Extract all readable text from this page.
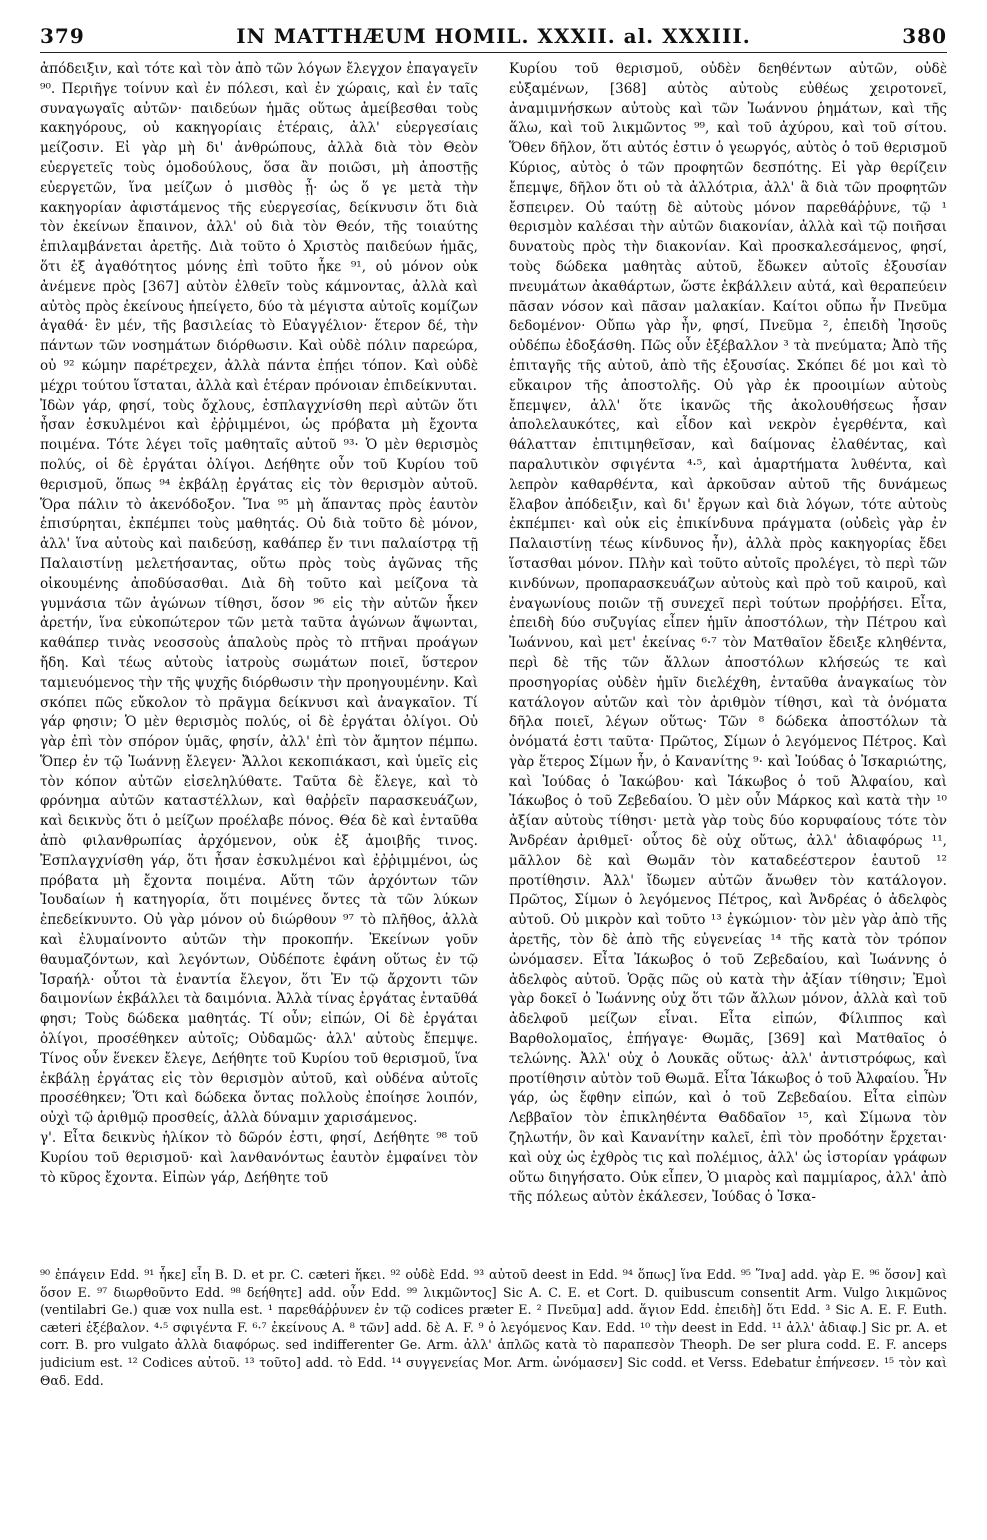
379	IN MATTHÆUM HOMIL. XXXII. al. XXXIII.	380

ἀπόδειξιν, καὶ τότε καὶ τὸν ἀπὸ τῶν λόγων ἔλεγχον ἐπαγαγεῖν ⁹⁰. Περιῆγε τοίνυν καὶ ἐν πόλεσι, καὶ ἐν χώραις, καὶ ἐν ταῖς συναγωγαῖς αὐτῶν· παιδεύων ἡμᾶς οὕτως ἀμείβεσθαι τοὺς κακηγόρους, οὐ κακηγορίαις ἑτέραις, ἀλλ' εὐεργεσίαις μείζοσιν. Εἰ γὰρ μὴ δι' ἀνθρώπους, ἀλλὰ διὰ τὸν Θεὸν εὐεργετεῖς τοὺς ὁμοδούλους, ὅσα ἂν ποιῶσι, μὴ ἀποστῇς εὐεργετῶν, ἵνα μείζων ὁ μισθὸς ᾖ· ὡς ὅ γε μετὰ τὴν κακηγορίαν ἀφιστάμενος τῆς εὐεργεσίας, δείκνυσιν ὅτι διὰ τὸν ἐκείνων ἔπαινον, ἀλλ' οὐ διὰ τὸν Θεόν, τῆς τοιαύτης ἐπιλαμβάνεται ἀρετῆς. Διὰ τοῦτο ὁ Χριστὸς παιδεύων ἡμᾶς, ὅτι ἐξ ἀγαθότητος μόνης ἐπὶ τοῦτο ἧκε ⁹¹, οὐ μόνον οὐκ ἀνέμενε πρὸς [367] αὐτὸν ἐλθεῖν τοὺς κάμνοντας, ἀλλὰ καὶ αὐτὸς πρὸς ἐκείνους ἠπείγετο, δύο τὰ μέγιστα αὐτοῖς κομίζων ἀγαθά· ἓν μέν, τῆς βασιλείας τὸ Εὐαγγέλιον· ἕτερον δέ, τὴν πάντων τῶν νοσημάτων διόρθωσιν. Καὶ οὐδὲ πόλιν παρεώρα, οὐ ⁹² κώμην παρέτρεχεν, ἀλλὰ πάντα ἐπῄει τόπον. Καὶ οὐδὲ μέχρι τούτου ἵσταται, ἀλλὰ καὶ ἑτέραν πρόνοιαν ἐπιδείκνυται.

Ἰδὼν γάρ, φησί, τοὺς ὄχλους, ἐσπλαγχνίσθη περὶ αὐτῶν ὅτι ἦσαν ἐσκυλμένοι καὶ ἐῤῥιμμένοι, ὡς πρόβατα μὴ ἔχοντα ποιμένα. Τότε λέγει τοῖς μαθηταῖς αὐτοῦ ⁹³· Ὁ μὲν θερισμὸς πολύς, οἱ δὲ ἐργάται ὀλίγοι. Δεήθητε οὖν τοῦ Κυρίου τοῦ θερισμοῦ, ὅπως ⁹⁴ ἐκβάλῃ ἐργάτας εἰς τὸν θερισμὸν αὐτοῦ. Ὅρα πάλιν τὸ ἀκενόδοξον. Ἵνα ⁹⁵ μὴ ἅπαντας πρὸς ἑαυτὸν ἐπισύρηται, ἐκπέμπει τοὺς μαθητάς. Οὐ διὰ τοῦτο δὲ μόνον, ἀλλ' ἵνα αὐτοὺς καὶ παιδεύσῃ, καθάπερ ἔν τινι παλαίστρᾳ τῇ Παλαιστίνῃ μελετήσαντας, οὕτω πρὸς τοὺς ἀγῶνας τῆς οἰκουμένης ἀποδύσασθαι. Διὰ δὴ τοῦτο καὶ μείζονα τὰ γυμνάσια τῶν ἀγώνων τίθησι, ὅσον ⁹⁶ εἰς τὴν αὐτῶν ἧκεν ἀρετήν, ἵνα εὐκοπώτερον τῶν μετὰ ταῦτα ἀγώνων ἅψωνται, καθάπερ τινὰς νεοσσοὺς ἁπαλοὺς πρὸς τὸ πτῆναι προάγων ἤδη. Καὶ τέως αὐτοὺς ἰατροὺς σωμάτων ποιεῖ, ὕστερον ταμιευόμενος τὴν τῆς ψυχῆς διόρθωσιν τὴν προηγουμένην. Καὶ σκόπει πῶς εὔκολον τὸ πρᾶγμα δείκνυσι καὶ ἀναγκαῖον. Τί γάρ φησιν; Ὁ μὲν θερισμὸς πολύς, οἱ δὲ ἐργάται ὀλίγοι. Οὐ γὰρ ἐπὶ τὸν σπόρον ὑμᾶς, φησίν, ἀλλ' ἐπὶ τὸν ἄμητον πέμπω. Ὅπερ ἐν τῷ Ἰωάννῃ ἔλεγεν· Ἄλλοι κεκοπιάκασι, καὶ ὑμεῖς εἰς τὸν κόπον αὐτῶν εἰσεληλύθατε. Ταῦτα δὲ ἔλεγε, καὶ τὸ φρόνημα αὐτῶν καταστέλλων, καὶ θαῤῥεῖν παρασκευάζων, καὶ δεικνὺς ὅτι ὁ μείζων προέλαβε πόνος. Θέα δὲ καὶ ἐνταῦθα ἀπὸ φιλανθρωπίας ἀρχόμενον, οὐκ ἐξ ἀμοιβῆς τινος. Ἐσπλαγχνίσθη γάρ, ὅτι ἦσαν ἐσκυλμένοι καὶ ἐῤῥιμμένοι, ὡς πρόβατα μὴ ἔχοντα ποιμένα. Αὕτη τῶν ἀρχόντων τῶν Ἰουδαίων ἡ κατηγορία, ὅτι ποιμένες ὄντες τὰ τῶν λύκων ἐπεδείκνυντο. Οὐ γὰρ μόνον οὐ διώρθουν ⁹⁷ τὸ πλῆθος, ἀλλὰ καὶ ἐλυμαίνοντο αὐτῶν τὴν προκοπήν. Ἐκείνων γοῦν θαυμαζόντων, καὶ λεγόντων, Οὐδέποτε ἐφάνη οὕτως ἐν τῷ Ἰσραήλ· οὗτοι τὰ ἐναντία ἔλεγον, ὅτι Ἐν τῷ ἄρχοντι τῶν δαιμονίων ἐκβάλλει τὰ δαιμόνια. Ἀλλὰ τίνας ἐργάτας ἐνταῦθά φησι; Τοὺς δώδεκα μαθητάς. Τί οὖν; εἰπών, Οἱ δὲ ἐργάται ὀλίγοι, προσέθηκεν αὐτοῖς; Οὐδαμῶς· ἀλλ' αὐτοὺς ἔπεμψε. Τίνος οὖν ἕνεκεν ἔλεγε, Δεήθητε τοῦ Κυρίου τοῦ θερισμοῦ, ἵνα ἐκβάλῃ ἐργάτας εἰς τὸν θερισμὸν αὐτοῦ, καὶ οὐδένα αὐτοῖς προσέθηκεν; Ὅτι καὶ δώδεκα ὄντας πολλοὺς ἐποίησε λοιπόν, οὐχὶ τῷ ἀριθμῷ προσθείς, ἀλλὰ δύναμιν χαρισάμενος.

γ'. Εἶτα δεικνὺς ἡλίκον τὸ δῶρόν ἐστι, φησί, Δεήθητε ⁹⁸ τοῦ Κυρίου τοῦ θερισμοῦ· καὶ λανθανόντως ἑαυτὸν ἐμφαίνει τὸν τὸ κῦρος ἔχοντα. Εἰπὼν γάρ, Δεήθητε τοῦ

Κυρίου τοῦ θερισμοῦ, οὐδὲν δεηθέντων αὐτῶν, οὐδὲ εὐξαμένων, [368] αὐτὸς αὐτοὺς εὐθέως χειροτονεῖ, ἀναμιμνήσκων αὐτοὺς καὶ τῶν Ἰωάννου ῥημάτων, καὶ τῆς ἅλω, καὶ τοῦ λικμῶντος ⁹⁹, καὶ τοῦ ἀχύρου, καὶ τοῦ σίτου. Ὅθεν δῆλον, ὅτι αὐτός ἐστιν ὁ γεωργός, αὐτὸς ὁ τοῦ θερισμοῦ Κύριος, αὐτὸς ὁ τῶν προφητῶν δεσπότης. Εἰ γὰρ θερίζειν ἔπεμψε, δῆλον ὅτι οὐ τὰ ἀλλότρια, ἀλλ' ἃ διὰ τῶν προφητῶν ἔσπειρεν. Οὐ ταύτῃ δὲ αὐτοὺς μόνον παρεθάῤῥυνε, τῷ ¹ θερισμὸν καλέσαι τὴν αὐτῶν διακονίαν, ἀλλὰ καὶ τῷ ποιῆσαι δυνατοὺς πρὸς τὴν διακονίαν. Καὶ προσκαλεσάμενος, φησί, τοὺς δώδεκα μαθητὰς αὐτοῦ, ἔδωκεν αὐτοῖς ἐξουσίαν πνευμάτων ἀκαθάρτων, ὥστε ἐκβάλλειν αὐτά, καὶ θεραπεύειν πᾶσαν νόσον καὶ πᾶσαν μαλακίαν. Καίτοι οὔπω ἦν Πνεῦμα δεδομένον· Οὔπω γὰρ ἦν, φησί, Πνεῦμα ², ἐπειδὴ Ἰησοῦς οὐδέπω ἐδοξάσθη. Πῶς οὖν ἐξέβαλλον ³ τὰ πνεύματα; Ἀπὸ τῆς ἐπιταγῆς τῆς αὐτοῦ, ἀπὸ τῆς ἐξουσίας. Σκόπει δέ μοι καὶ τὸ εὔκαιρον τῆς ἀποστολῆς. Οὐ γὰρ ἐκ προοιμίων αὐτοὺς ἔπεμψεν, ἀλλ' ὅτε ἱκανῶς τῆς ἀκολουθήσεως ἦσαν ἀπολελαυκότες, καὶ εἶδον καὶ νεκρὸν ἐγερθέντα, καὶ θάλατταν ἐπιτιμηθεῖσαν, καὶ δαίμονας ἐλαθέντας, καὶ παραλυτικὸν σφιγέντα ⁴·⁵, καὶ ἁμαρτήματα λυθέντα, καὶ λεπρὸν καθαρθέντα, καὶ ἀρκοῦσαν αὐτοῦ τῆς δυνάμεως ἔλαβον ἀπόδειξιν, καὶ δι' ἔργων καὶ διὰ λόγων, τότε αὐτοὺς ἐκπέμπει· καὶ οὐκ εἰς ἐπικίνδυνα πράγματα (οὐδεὶς γὰρ ἐν Παλαιστίνῃ τέως κίνδυνος ἦν), ἀλλὰ πρὸς κακηγορίας ἔδει ἵστασθαι μόνον. Πλὴν καὶ τοῦτο αὐτοῖς προλέγει, τὸ περὶ τῶν κινδύνων, προπαρασκευάζων αὐτοὺς καὶ πρὸ τοῦ καιροῦ, καὶ ἐναγωνίους ποιῶν τῇ συνεχεῖ περὶ τούτων προῤῥήσει. Εἶτα, ἐπειδὴ δύο συζυγίας εἶπεν ἡμῖν ἀποστόλων, τὴν Πέτρου καὶ Ἰωάννου, καὶ μετ' ἐκείνας ⁶·⁷ τὸν Ματθαῖον ἔδειξε κληθέντα, περὶ δὲ τῆς τῶν ἄλλων ἀποστόλων κλήσεώς τε καὶ προσηγορίας οὐδὲν ἡμῖν διελέχθη, ἐνταῦθα ἀναγκαίως τὸν κατάλογον αὐτῶν καὶ τὸν ἀριθμὸν τίθησι, καὶ τὰ ὀνόματα δῆλα ποιεῖ, λέγων οὕτως· Τῶν ⁸ δώδεκα ἀποστόλων τὰ ὀνόματά ἐστι ταῦτα· Πρῶτος, Σίμων ὁ λεγόμενος Πέτρος. Καὶ γὰρ ἕτερος Σίμων ἦν, ὁ Κανανίτης ⁹· καὶ Ἰούδας ὁ Ἰσκαριώτης, καὶ Ἰούδας ὁ Ἰακώβου· καὶ Ἰάκωβος ὁ τοῦ Ἀλφαίου, καὶ Ἰάκωβος ὁ τοῦ Ζεβεδαίου. Ὁ μὲν οὖν Μάρκος καὶ κατὰ τὴν ¹⁰ ἀξίαν αὐτοὺς τίθησι· μετὰ γὰρ τοὺς δύο κορυφαίους τότε τὸν Ἀνδρέαν ἀριθμεῖ· οὗτος δὲ οὐχ οὕτως, ἀλλ' ἀδιαφόρως ¹¹, μᾶλλον δὲ καὶ Θωμᾶν τὸν καταδεέστερον ἑαυτοῦ ¹² προτίθησιν. Ἀλλ' ἴδωμεν αὐτῶν ἄνωθεν τὸν κατάλογον. Πρῶτος, Σίμων ὁ λεγόμενος Πέτρος, καὶ Ἀνδρέας ὁ ἀδελφὸς αὐτοῦ. Οὐ μικρὸν καὶ τοῦτο ¹³ ἐγκώμιον· τὸν μὲν γὰρ ἀπὸ τῆς ἀρετῆς, τὸν δὲ ἀπὸ τῆς εὐγενείας ¹⁴ τῆς κατὰ τὸν τρόπον ὠνόμασεν. Εἶτα Ἰάκωβος ὁ τοῦ Ζεβεδαίου, καὶ Ἰωάννης ὁ ἀδελφὸς αὐτοῦ. Ὁρᾷς πῶς οὐ κατὰ τὴν ἀξίαν τίθησιν; Ἐμοὶ γὰρ δοκεῖ ὁ Ἰωάννης οὐχ ὅτι τῶν ἄλλων μόνον, ἀλλὰ καὶ τοῦ ἀδελφοῦ μείζων εἶναι. Εἶτα εἰπών, Φίλιππος καὶ Βαρθολομαῖος, ἐπήγαγε· Θωμᾶς, [369] καὶ Ματθαῖος ὁ τελώνης. Ἀλλ' οὐχ ὁ Λουκᾶς οὕτως· ἀλλ' ἀντιστρόφως, καὶ προτίθησιν αὐτὸν τοῦ Θωμᾶ. Εἶτα Ἰάκωβος ὁ τοῦ Ἀλφαίου. Ἦν γάρ, ὡς ἔφθην εἰπών, καὶ ὁ τοῦ Ζεβεδαίου. Εἶτα εἰπὼν Λεββαῖον τὸν ἐπικληθέντα Θαδδαῖον ¹⁵, καὶ Σίμωνα τὸν ζηλωτήν, ὃν καὶ Κανανίτην καλεῖ, ἐπὶ τὸν προδότην ἔρχεται· καὶ οὐχ ὡς ἐχθρὸς τις καὶ πολέμιος, ἀλλ' ὡς ἱστορίαν γράφων οὕτω διηγήσατο. Οὐκ εἶπεν, Ὁ μιαρὸς καὶ παμμίαρος, ἀλλ' ἀπὸ τῆς πόλεως αὐτὸν ἐκάλεσεν, Ἰούδας ὁ Ἰσκα-

⁹⁰ ἐπάγειν Edd. ⁹¹ ἧκε] εἶη B. D. et pr. C. cæteri ἥκει. ⁹² οὐδὲ Edd. ⁹³ αὐτοῦ deest in Edd. ⁹⁴ ὅπως] ἵνα Edd. ⁹⁵ Ἵνα] add. γὰρ E. ⁹⁶ ὅσον] καὶ ὅσον E. ⁹⁷ διωρθοῦντο Edd. ⁹⁸ δεήθητε] add. οὖν Edd. ⁹⁹ λικμῶντος] Sic A. C. E. et Cort. D. quibuscum consentit Arm. Vulgo λικμῶνος (ventilabri Ge.) quæ vox nulla est. ¹ παρεθάῤῥυνεν ἐν τῷ codices præter E. ² Πνεῦμα] add. ἅγιον Edd. ἐπειδὴ] ὅτι Edd. ³ Sic A. E. F. Euth. cæteri ἐξέβαλον. ⁴·⁵ σφιγέντα F. ⁶·⁷ ἐκείνους A. ⁸ τῶν] add. δὲ A. F. ⁹ ὁ λεγόμενος Καν. Edd. ¹⁰ τὴν deest in Edd. ¹¹ ἀλλ' ἀδιαφ.] Sic pr. A. et corr. B. pro vulgato ἀλλὰ διαφόρως. sed indifferenter Ge. Arm. ἀλλ' ἁπλῶς κατὰ τὸ παραπεσὸν Theoph. De ser plura codd. E. F. anceps judicium est. ¹² Codices αὐτοῦ. ¹³ τοῦτο] add. τὸ Edd. ¹⁴ συγγενείας Mor. Arm. ὠνόμασεν] Sic codd. et Verss. Edebatur ἐπήνεσεν. ¹⁵ τὸν καὶ Θαδ. Edd.
